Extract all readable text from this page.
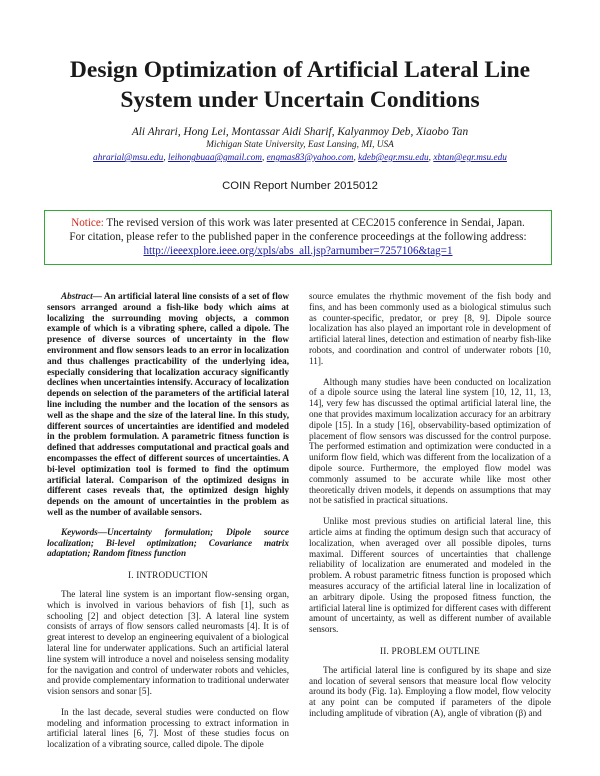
Design Optimization of Artificial Lateral Line
System under Uncertain Conditions
Ali Ahrari, Hong Lei, Montassar Aidi Sharif, Kalyanmoy Deb, Xiaobo Tan
Michigan State University, East Lansing, MI, USA
ahrarial@msu.edu, leihongbuaa@gmail.com, engmas83@yahoo.com, kdeb@egr.msu.edu, xbtan@egr.msu.edu
COIN Report Number 2015012
Notice: The revised version of this work was later presented at CEC2015 conference in Sendai, Japan.
For citation, please refer to the published paper in the conference proceedings at the following address:
http://ieeexplore.ieee.org/xpls/abs_all.jsp?arnumber=7257106&tag=1

Abstract— An artificial lateral line consists of a set of flow sensors arranged around a fish-like body which aims at localizing the surrounding moving objects, a common example of which is a vibrating sphere, called a dipole. The presence of diverse sources of uncertainty in the flow environment and flow sensors leads to an error in localization and thus challenges practicability of the underlying idea, especially considering that localization accuracy significantly declines when uncertainties intensify. Accuracy of localization depends on selection of the parameters of the artificial lateral line including the number and the location of the sensors as well as the shape and the size of the lateral line. In this study, different sources of uncertainties are identified and modeled in the problem formulation. A parametric fitness function is defined that addresses computational and practical goals and encompasses the effect of different sources of uncertainties. A bi-level optimization tool is formed to find the optimum artificial lateral. Comparison of the optimized designs in different cases reveals that, the optimized design highly depends on the amount of uncertainties in the problem as well as the number of available sensors.

Keywords—Uncertainty formulation; Dipole source localization; Bi-level optimization; Covariance matrix adaptation; Random fitness function

I. INTRODUCTION

The lateral line system is an important flow-sensing organ, which is involved in various behaviors of fish [1], such as schooling [2] and object detection [3]. A lateral line system consists of arrays of flow sensors called neuromasts [4]. It is of great interest to develop an engineering equivalent of a biological lateral line for underwater applications. Such an artificial lateral line system will introduce a novel and noiseless sensing modality for the navigation and control of underwater robots and vehicles, and provide complementary information to traditional underwater vision sensors and sonar [5].

In the last decade, several studies were conducted on flow modeling and information processing to extract information in artificial lateral lines [6, 7]. Most of these studies focus on localization of a vibrating source, called dipole. The dipole

source emulates the rhythmic movement of the fish body and fins, and has been commonly used as a biological stimulus such as counter-specific, predator, or prey [8, 9]. Dipole source localization has also played an important role in development of artificial lateral lines, detection and estimation of nearby fish-like robots, and coordination and control of underwater robots [10, 11].

Although many studies have been conducted on localization of a dipole source using the lateral line system [10, 12, 11, 13, 14], very few has discussed the optimal artificial lateral line, the one that provides maximum localization accuracy for an arbitrary dipole [15]. In a study [16], observability-based optimization of placement of flow sensors was discussed for the control purpose. The performed estimation and optimization were conducted in a uniform flow field, which was different from the localization of a dipole source. Furthermore, the employed flow model was commonly assumed to be accurate while like most other theoretically driven models, it depends on assumptions that may not be satisfied in practical situations.

Unlike most previous studies on artificial lateral line, this article aims at finding the optimum design such that accuracy of localization, when averaged over all possible dipoles, turns maximal. Different sources of uncertainties that challenge reliability of localization are enumerated and modeled in the problem. A robust parametric fitness function is proposed which measures accuracy of the artificial lateral line in localization of an arbitrary dipole. Using the proposed fitness function, the artificial lateral line is optimized for different cases with different amount of uncertainty, as well as different number of available sensors.

II. PROBLEM OUTLINE

The artificial lateral line is configured by its shape and size and location of several sensors that measure local flow velocity around its body (Fig. 1a). Employing a flow model, flow velocity at any point can be computed if parameters of the dipole including amplitude of vibration (A), angle of vibration (β) and
